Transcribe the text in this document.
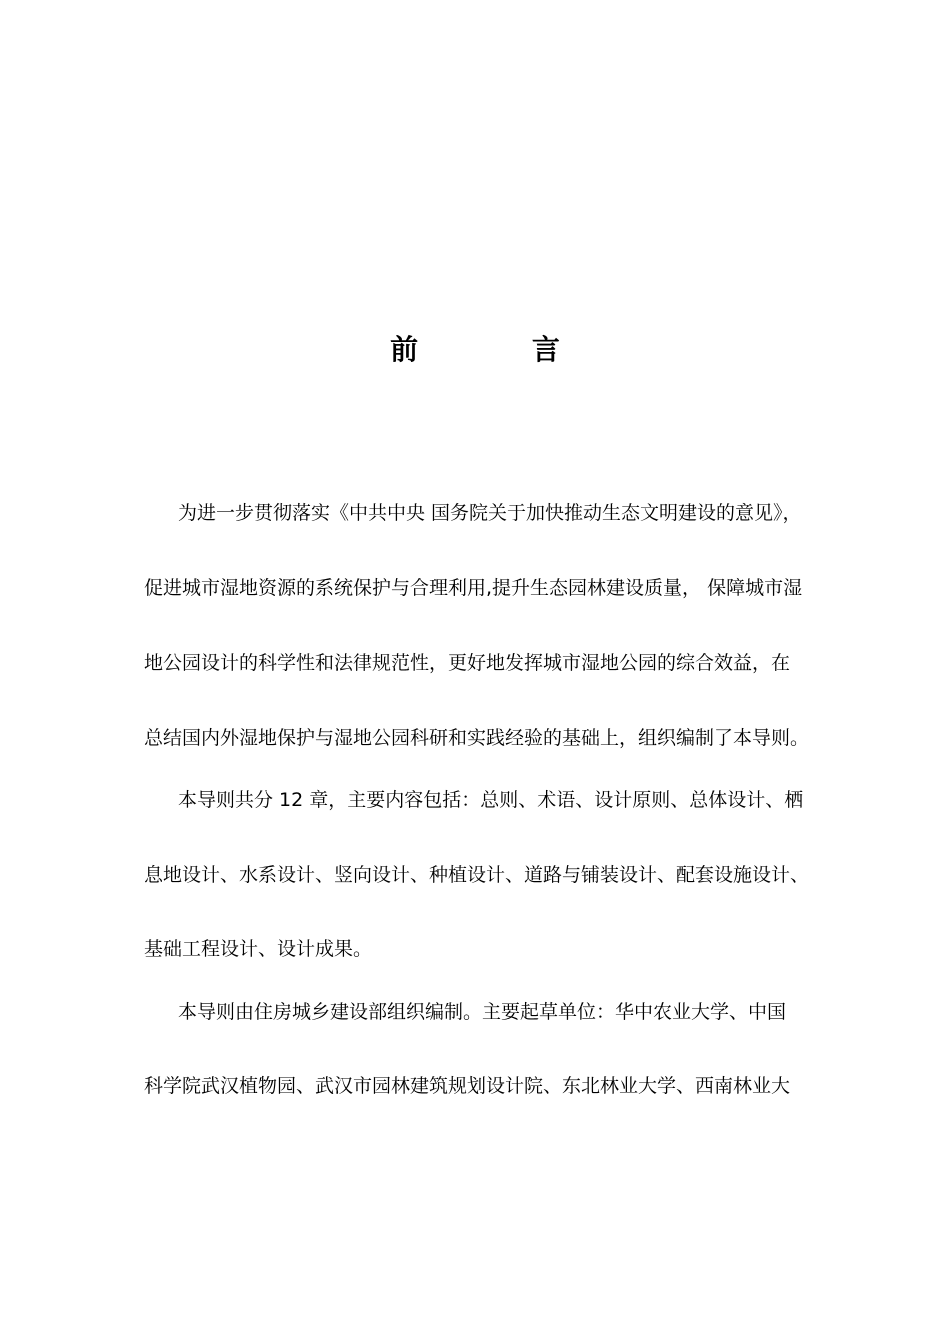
前 言
为进一步贯彻落实《中共中央 国务院关于加快推动生态文明建设的意见》，
促进城市湿地资源的系统保护与合理利用,提升生态园林建设质量， 保障城市湿
地公园设计的科学性和法律规范性，更好地发挥城市湿地公园的综合效益，在
总结国内外湿地保护与湿地公园科研和实践经验的基础上，组织编制了本导则。
本导则共分 12 章，主要内容包括：总则、术语、设计原则、总体设计、栖
息地设计、水系设计、竖向设计、种植设计、道路与铺装设计、配套设施设计、
基础工程设计、设计成果。
本导则由住房城乡建设部组织编制。主要起草单位：华中农业大学、中国
科学院武汉植物园、武汉市园林建筑规划设计院、东北林业大学、西南林业大
